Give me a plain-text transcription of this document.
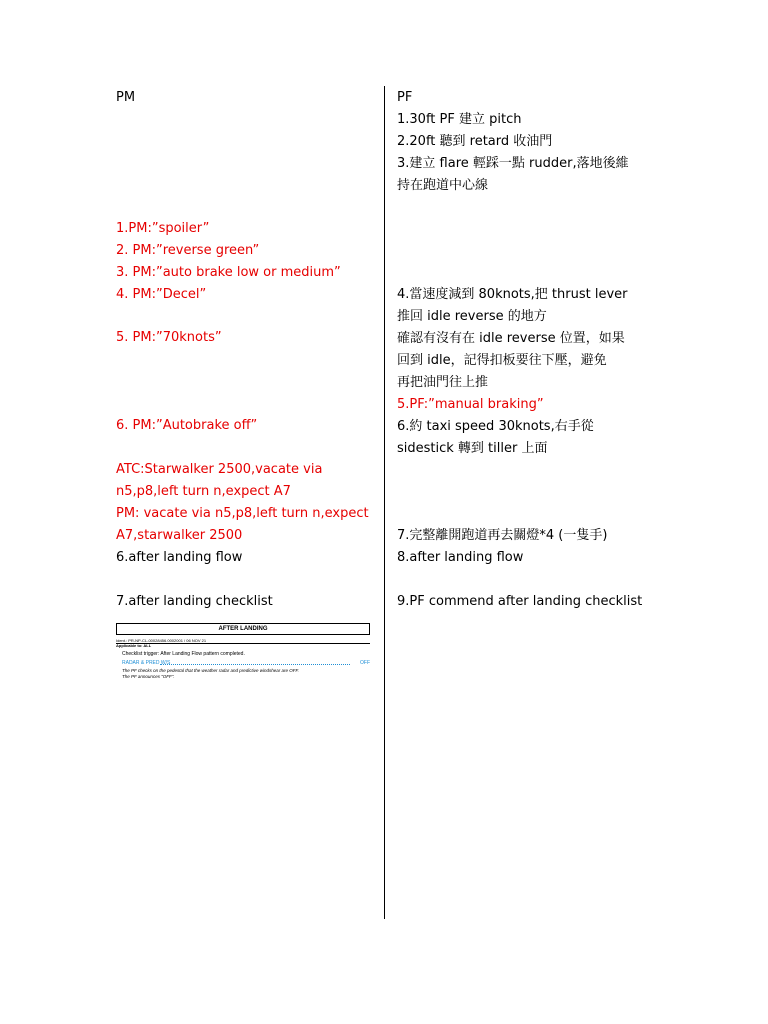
PM
1.PM:”spoiler”
2. PM:”reverse green”
3. PM:”auto brake low or medium”
4. PM:”Decel”
5. PM:”70knots”
6. PM:”Autobrake off”
ATC:Starwalker 2500,vacate via
n5,p8,left turn n,expect A7
PM: vacate via n5,p8,left turn n,expect
A7,starwalker 2500
6.after landing flow
7.after landing checklist
PF
1.30ft PF 建立 pitch
2.20ft 聽到 retard 收油門
3.建立 flare 輕踩一點 rudder,落地後維
持在跑道中心線
4.當速度減到 80knots,把 thrust lever
推回 idle reverse 的地方
確認有沒有在 idle reverse 位置，如果
回到 idle，記得扣板要往下壓，避免
再把油門往上推
5.PF:”manual braking”
6.約 taxi speed 30knots,右手從
sidestick 轉到 tiller 上面
7.完整離開跑道再去關燈*4 (一隻手)
8.after landing flow
9.PF commend after landing checklist
AFTER LANDING
Ident.: PR-NP-CL-00028456.0002001 / 06 NOV 21
Applicable to: ALL
Checklist trigger: After Landing Flow pattern completed.
RADAR & PRED W/S	OFF
The PF checks on the pedestal that the weather radar and predictive windshear are OFF.
The PF announces "OFF".
